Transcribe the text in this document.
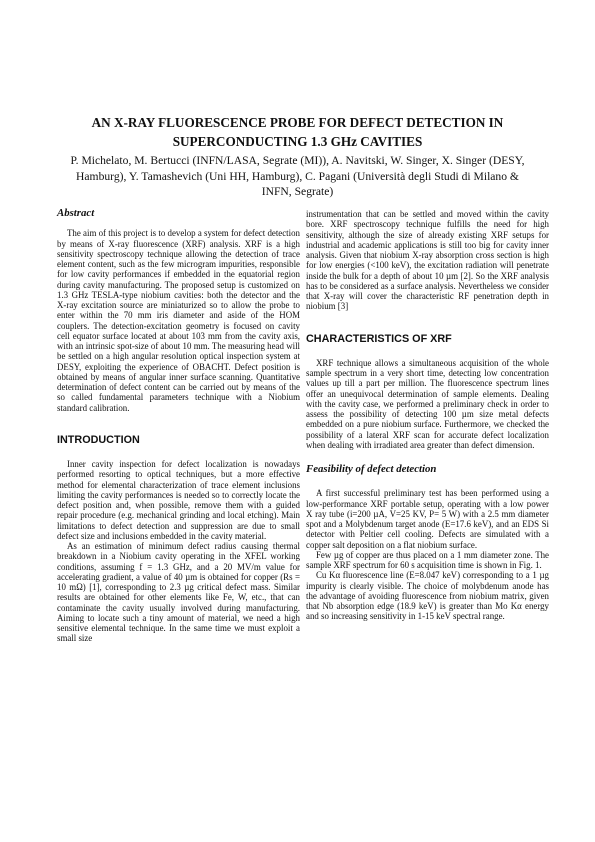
AN X-RAY FLUORESCENCE PROBE FOR DEFECT DETECTION IN
SUPERCONDUCTING 1.3 GHz CAVITIES
P. Michelato, M. Bertucci (INFN/LASA, Segrate (MI)), A. Navitski, W. Singer, X. Singer (DESY,
Hamburg), Y. Tamashevich (Uni HH, Hamburg), C. Pagani (Università degli Studi di Milano &
INFN, Segrate)
Abstract

The aim of this project is to develop a system for defect detection by means of X-ray fluorescence (XRF) analysis. XRF is a high sensitivity spectroscopy technique allowing the detection of trace element content, such as the few microgram impurities, responsible for low cavity performances if embedded in the equatorial region during cavity manufacturing. The proposed setup is customized on 1.3 GHz TESLA-type niobium cavities: both the detector and the X-ray excitation source are miniaturized so to allow the probe to enter within the 70 mm iris diameter and aside of the HOM couplers. The detection-excitation geometry is focused on cavity cell equator surface located at about 103 mm from the cavity axis, with an intrinsic spot-size of about 10 mm. The measuring head will be settled on a high angular resolution optical inspection system at DESY, exploiting the experience of OBACHT. Defect position is obtained by means of angular inner surface scanning. Quantitative determination of defect content can be carried out by means of the so called fundamental parameters technique with a Niobium standard calibration.

INTRODUCTION

Inner cavity inspection for defect localization is nowadays performed resorting to optical techniques, but a more effective method for elemental characterization of trace element inclusions limiting the cavity performances is needed so to correctly locate the defect position and, when possible, remove them with a guided repair procedure (e.g. mechanical grinding and local etching). Main limitations to defect detection and suppression are due to small defect size and inclusions embedded in the cavity material.

As an estimation of minimum defect radius causing thermal breakdown in a Niobium cavity operating in the XFEL working conditions, assuming f = 1.3 GHz, and a 20 MV/m value for accelerating gradient, a value of 40 µm is obtained for copper (Rs = 10 mΩ) [1], corresponding to 2.3 µg critical defect mass. Similar results are obtained for other elements like Fe, W, etc., that can contaminate the cavity usually involved during manufacturing. Aiming to locate such a tiny amount of material, we need a high sensitive elemental technique. In the same time we must exploit a small size

instrumentation that can be settled and moved within the cavity bore. XRF spectroscopy technique fulfills the need for high sensitivity, although the size of already existing XRF setups for industrial and academic applications is still too big for cavity inner analysis. Given that niobium X-ray absorption cross section is high for low energies (<100 keV), the excitation radiation will penetrate inside the bulk for a depth of about 10 µm [2]. So the XRF analysis has to be considered as a surface analysis. Nevertheless we consider that X-ray will cover the characteristic RF penetration depth in niobium [3]

CHARACTERISTICS OF XRF

XRF technique allows a simultaneous acquisition of the whole sample spectrum in a very short time, detecting low concentration values up till a part per million. The fluorescence spectrum lines offer an unequivocal determination of sample elements. Dealing with the cavity case, we performed a preliminary check in order to assess the possibility of detecting 100 µm size metal defects embedded on a pure niobium surface. Furthermore, we checked the possibility of a lateral XRF scan for accurate defect localization when dealing with irradiated area greater than defect dimension.

Feasibility of defect detection

A first successful preliminary test has been performed using a low-performance XRF portable setup, operating with a low power X ray tube (i=200 µA, V=25 KV, P= 5 W) with a 2.5 mm diameter spot and a Molybdenum target anode (E=17.6 keV), and an EDS Si detector with Peltier cell cooling. Defects are simulated with a copper salt deposition on a flat niobium surface.

Few µg of copper are thus placed on a 1 mm diameter zone. The sample XRF spectrum for 60 s acquisition time is shown in Fig. 1.

Cu Kα fluorescence line (E=8.047 keV) corresponding to a 1 µg impurity is clearly visible. The choice of molybdenum anode has the advantage of avoiding fluorescence from niobium matrix, given that Nb absorption edge (18.9 keV) is greater than Mo Kα energy and so increasing sensitivity in 1-15 keV spectral range.
